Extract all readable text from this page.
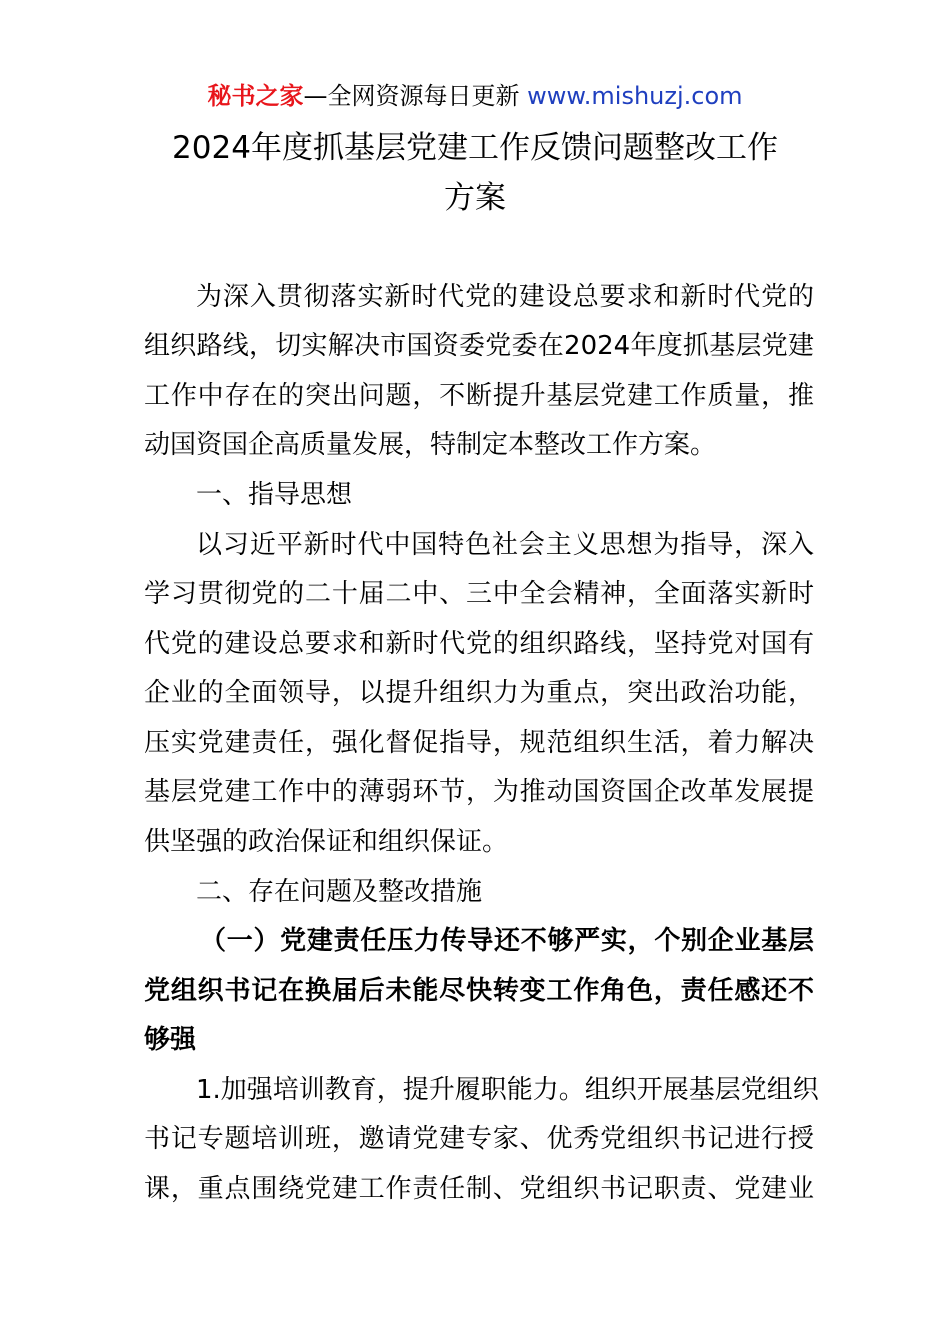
秘书之家—全网资源每日更新 www.mishuzj.com
2024年度抓基层党建工作反馈问题整改工作
方案
为深入贯彻落实新时代党的建设总要求和新时代党的
组织路线，切实解决市国资委党委在2024年度抓基层党建
工作中存在的突出问题，不断提升基层党建工作质量，推
动国资国企高质量发展，特制定本整改工作方案。
一、指导思想
以习近平新时代中国特色社会主义思想为指导，深入
学习贯彻党的二十届二中、三中全会精神，全面落实新时
代党的建设总要求和新时代党的组织路线，坚持党对国有
企业的全面领导，以提升组织力为重点，突出政治功能，
压实党建责任，强化督促指导，规范组织生活，着力解决
基层党建工作中的薄弱环节，为推动国资国企改革发展提
供坚强的政治保证和组织保证。
二、存在问题及整改措施
（一）党建责任压力传导还不够严实，个别企业基层
党组织书记在换届后未能尽快转变工作角色，责任感还不
够强
1.加强培训教育，提升履职能力。组织开展基层党组织
书记专题培训班，邀请党建专家、优秀党组织书记进行授
课，重点围绕党建工作责任制、党组织书记职责、党建业
